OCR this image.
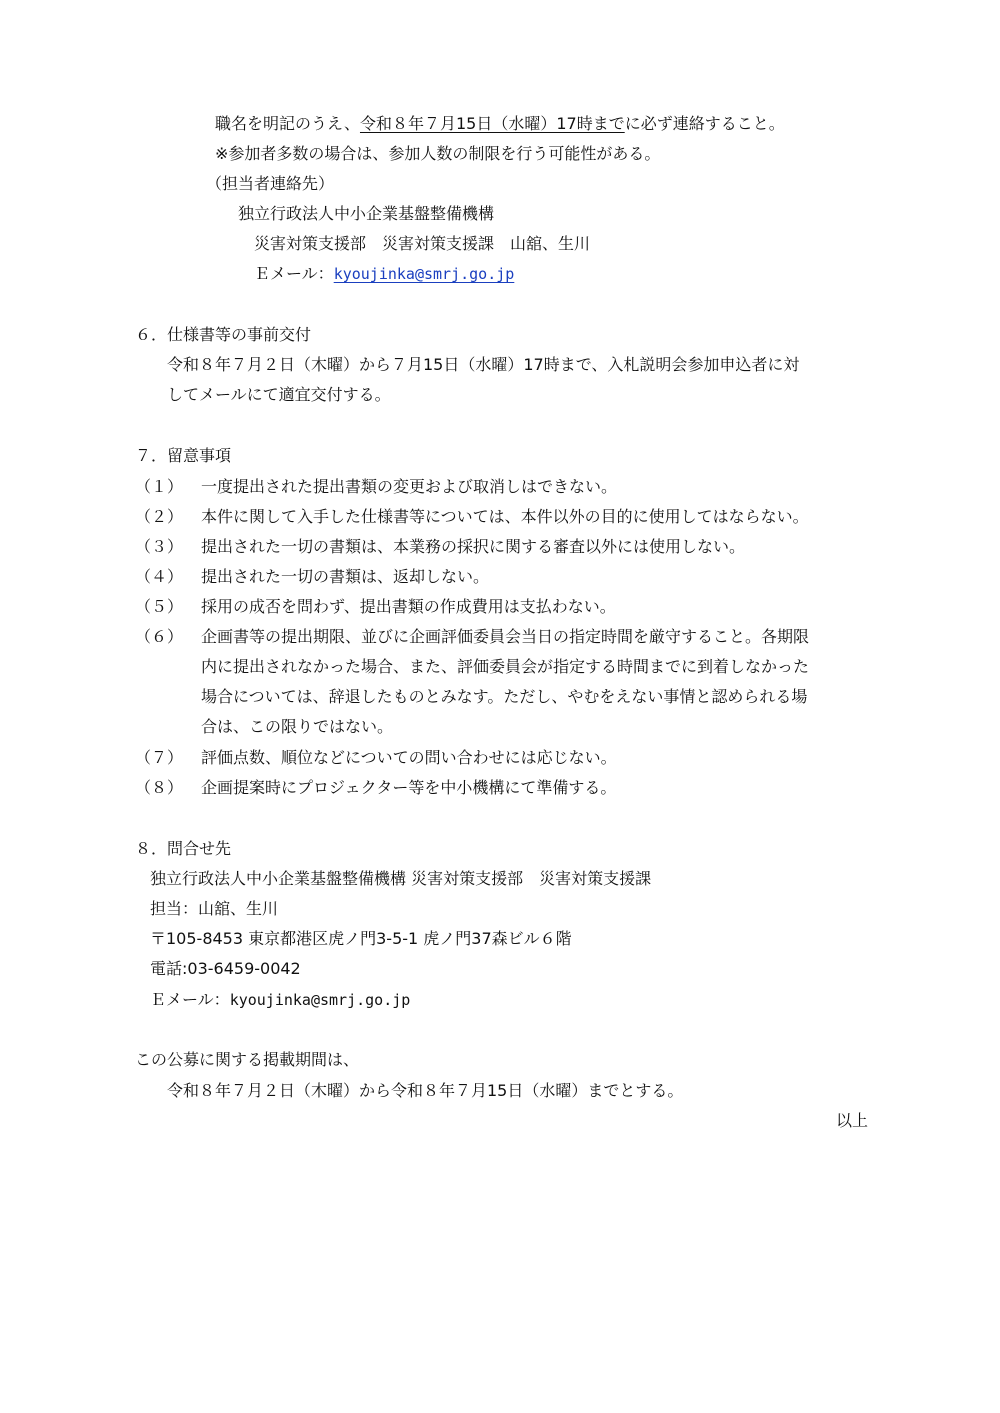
職名を明記のうえ、令和８年７月15日（水曜）17時までに必ず連絡すること。
※参加者多数の場合は、参加人数の制限を行う可能性がある。
（担当者連絡先）
独立行政法人中小企業基盤整備機構
災害対策支援部　災害対策支援課　山舘、生川
Ｅメール：kyoujinka@smrj.go.jp
６．仕様書等の事前交付
令和８年７月２日（木曜）から７月15日（水曜）17時まで、入札説明会参加申込者に対
してメールにて適宜交付する。
７．留意事項
（１） 一度提出された提出書類の変更および取消しはできない。
（２） 本件に関して入手した仕様書等については、本件以外の目的に使用してはならない。
（３） 提出された一切の書類は、本業務の採択に関する審査以外には使用しない。
（４） 提出された一切の書類は、返却しない。
（５） 採用の成否を問わず、提出書類の作成費用は支払わない。
（６） 企画書等の提出期限、並びに企画評価委員会当日の指定時間を厳守すること。各期限
内に提出されなかった場合、また、評価委員会が指定する時間までに到着しなかった
場合については、辞退したものとみなす。ただし、やむをえない事情と認められる場
合は、この限りではない。
（７） 評価点数、順位などについての問い合わせには応じない。
（８） 企画提案時にプロジェクター等を中小機構にて準備する。
８．問合せ先
独立行政法人中小企業基盤整備機構 災害対策支援部　災害対策支援課
担当：山舘、生川
〒105-8453 東京都港区虎ノ門3-5-1 虎ノ門37森ビル６階
電話:03-6459-0042
Ｅメール：kyoujinka@smrj.go.jp
この公募に関する掲載期間は、
令和８年７月２日（木曜）から令和８年７月15日（水曜）までとする。
以上
